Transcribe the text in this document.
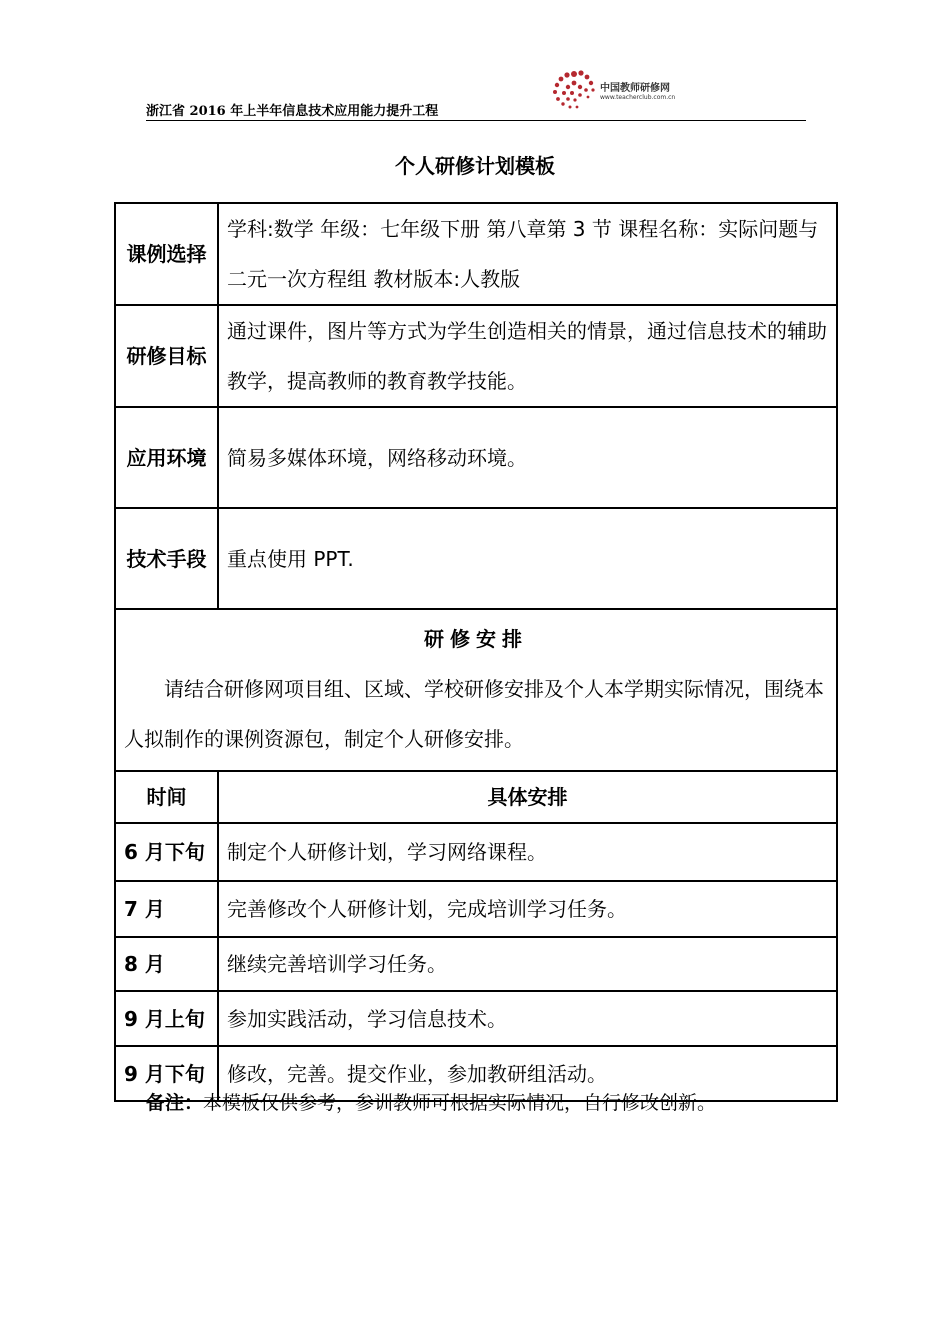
浙江省 2016 年上半年信息技术应用能力提升工程
中国教师研修网
www.teacherclub.com.cn
个人研修计划模板
课例选择	学科:数学 年级：七年级下册 第八章第 3 节 课程名称：实际问题与二元一次方程组 教材版本:人教版
研修目标	通过课件，图片等方式为学生创造相关的情景，通过信息技术的辅助教学，提高教师的教育教学技能。
应用环境	简易多媒体环境，网络移动环境。
技术手段	重点使用 PPT.

研修安排
请结合研修网项目组、区域、学校研修安排及个人本学期实际情况，围绕本人拟制作的课例资源包，制定个人研修安排。	

时间	具体安排
6 月下旬	制定个人研修计划，学习网络课程。
7 月	完善修改个人研修计划，完成培训学习任务。
8 月	继续完善培训学习任务。
9 月上旬	参加实践活动，学习信息技术。
9 月下旬	修改，完善。提交作业，参加教研组活动。
备注：本模板仅供参考，参训教师可根据实际情况，自行修改创新。
